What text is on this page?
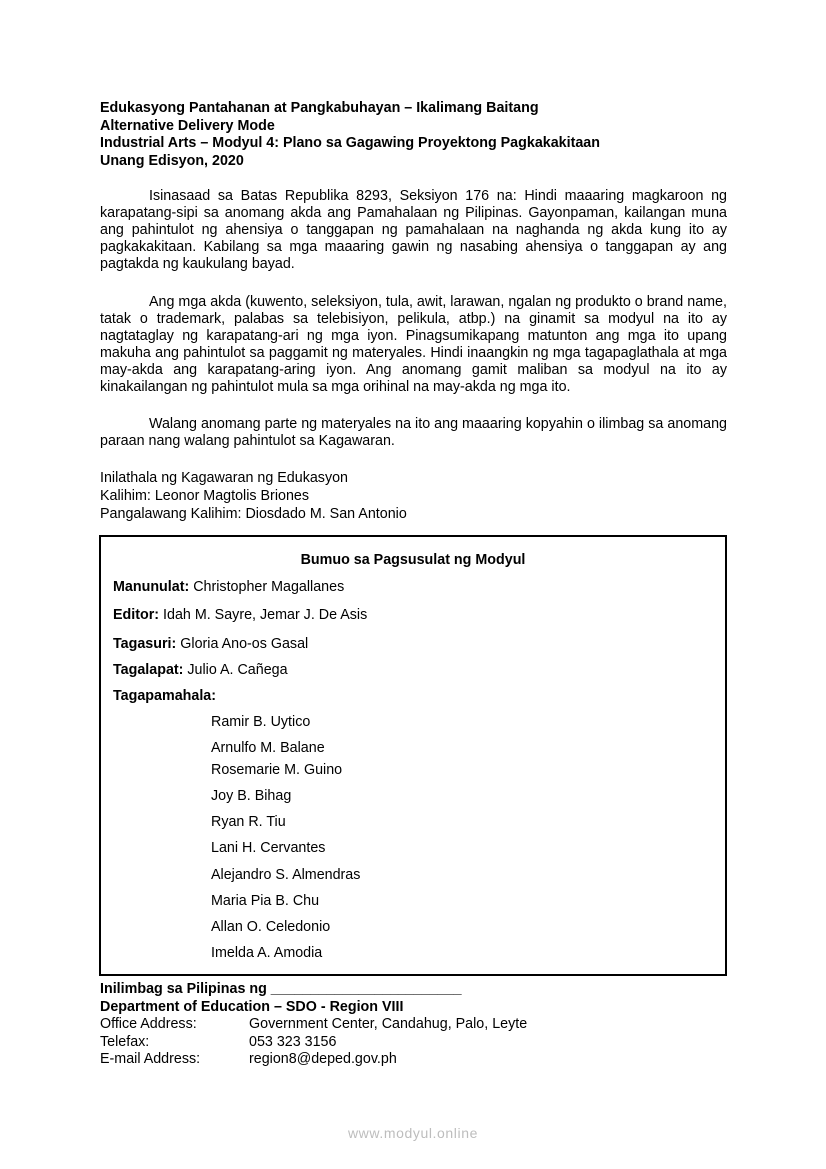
Edukasyong Pantahanan at Pangkabuhayan – Ikalimang Baitang
Alternative Delivery Mode
Industrial Arts – Modyul 4: Plano sa Gagawing Proyektong Pagkakakitaan
Unang Edisyon, 2020
Isinasaad sa Batas Republika 8293, Seksiyon 176 na: Hindi maaaring magkaroon ng karapatang-sipi sa anomang akda ang Pamahalaan ng Pilipinas. Gayonpaman, kailangan muna ang pahintulot ng ahensiya o tanggapan ng pamahalaan na naghanda ng akda kung ito ay pagkakakitaan. Kabilang sa mga maaaring gawin ng nasabing ahensiya o tanggapan ay ang pagtakda ng kaukulang bayad.
Ang mga akda (kuwento, seleksiyon, tula, awit, larawan, ngalan ng produkto o brand name, tatak o trademark, palabas sa telebisiyon, pelikula, atbp.) na ginamit sa modyul na ito ay nagtataglay ng karapatang-ari ng mga iyon. Pinagsumikapang matunton ang mga ito upang makuha ang pahintulot sa paggamit ng materyales. Hindi inaangkin ng mga tagapaglathala at mga may-akda ang karapatang-aring iyon. Ang anomang gamit maliban sa modyul na ito ay kinakailangan ng pahintulot mula sa mga orihinal na may-akda ng mga ito.
Walang anomang parte ng materyales na ito ang maaaring kopyahin o ilimbag sa anomang paraan nang walang pahintulot sa Kagawaran.
Inilathala ng Kagawaran ng Edukasyon
Kalihim: Leonor Magtolis Briones
Pangalawang Kalihim: Diosdado M. San Antonio
Bumuo sa Pagsusulat ng Modyul
Manunulat: Christopher Magallanes
Editor: Idah M. Sayre, Jemar J. De Asis
Tagasuri: Gloria Ano-os Gasal
Tagalapat: Julio A. Cañega
Tagapamahala:
Ramir B. Uytico
Arnulfo M. Balane
Rosemarie M. Guino
Joy B. Bihag
Ryan R. Tiu
Lani H. Cervantes
Alejandro S. Almendras
Maria Pia B. Chu
Allan O. Celedonio
Imelda A. Amodia
Inilimbag sa Pilipinas ng ________________________
Department of Education – SDO - Region VIII
Office Address:	Government Center, Candahug, Palo, Leyte
Telefax:	053 323 3156
E-mail Address:	region8@deped.gov.ph
www.modyul.online
